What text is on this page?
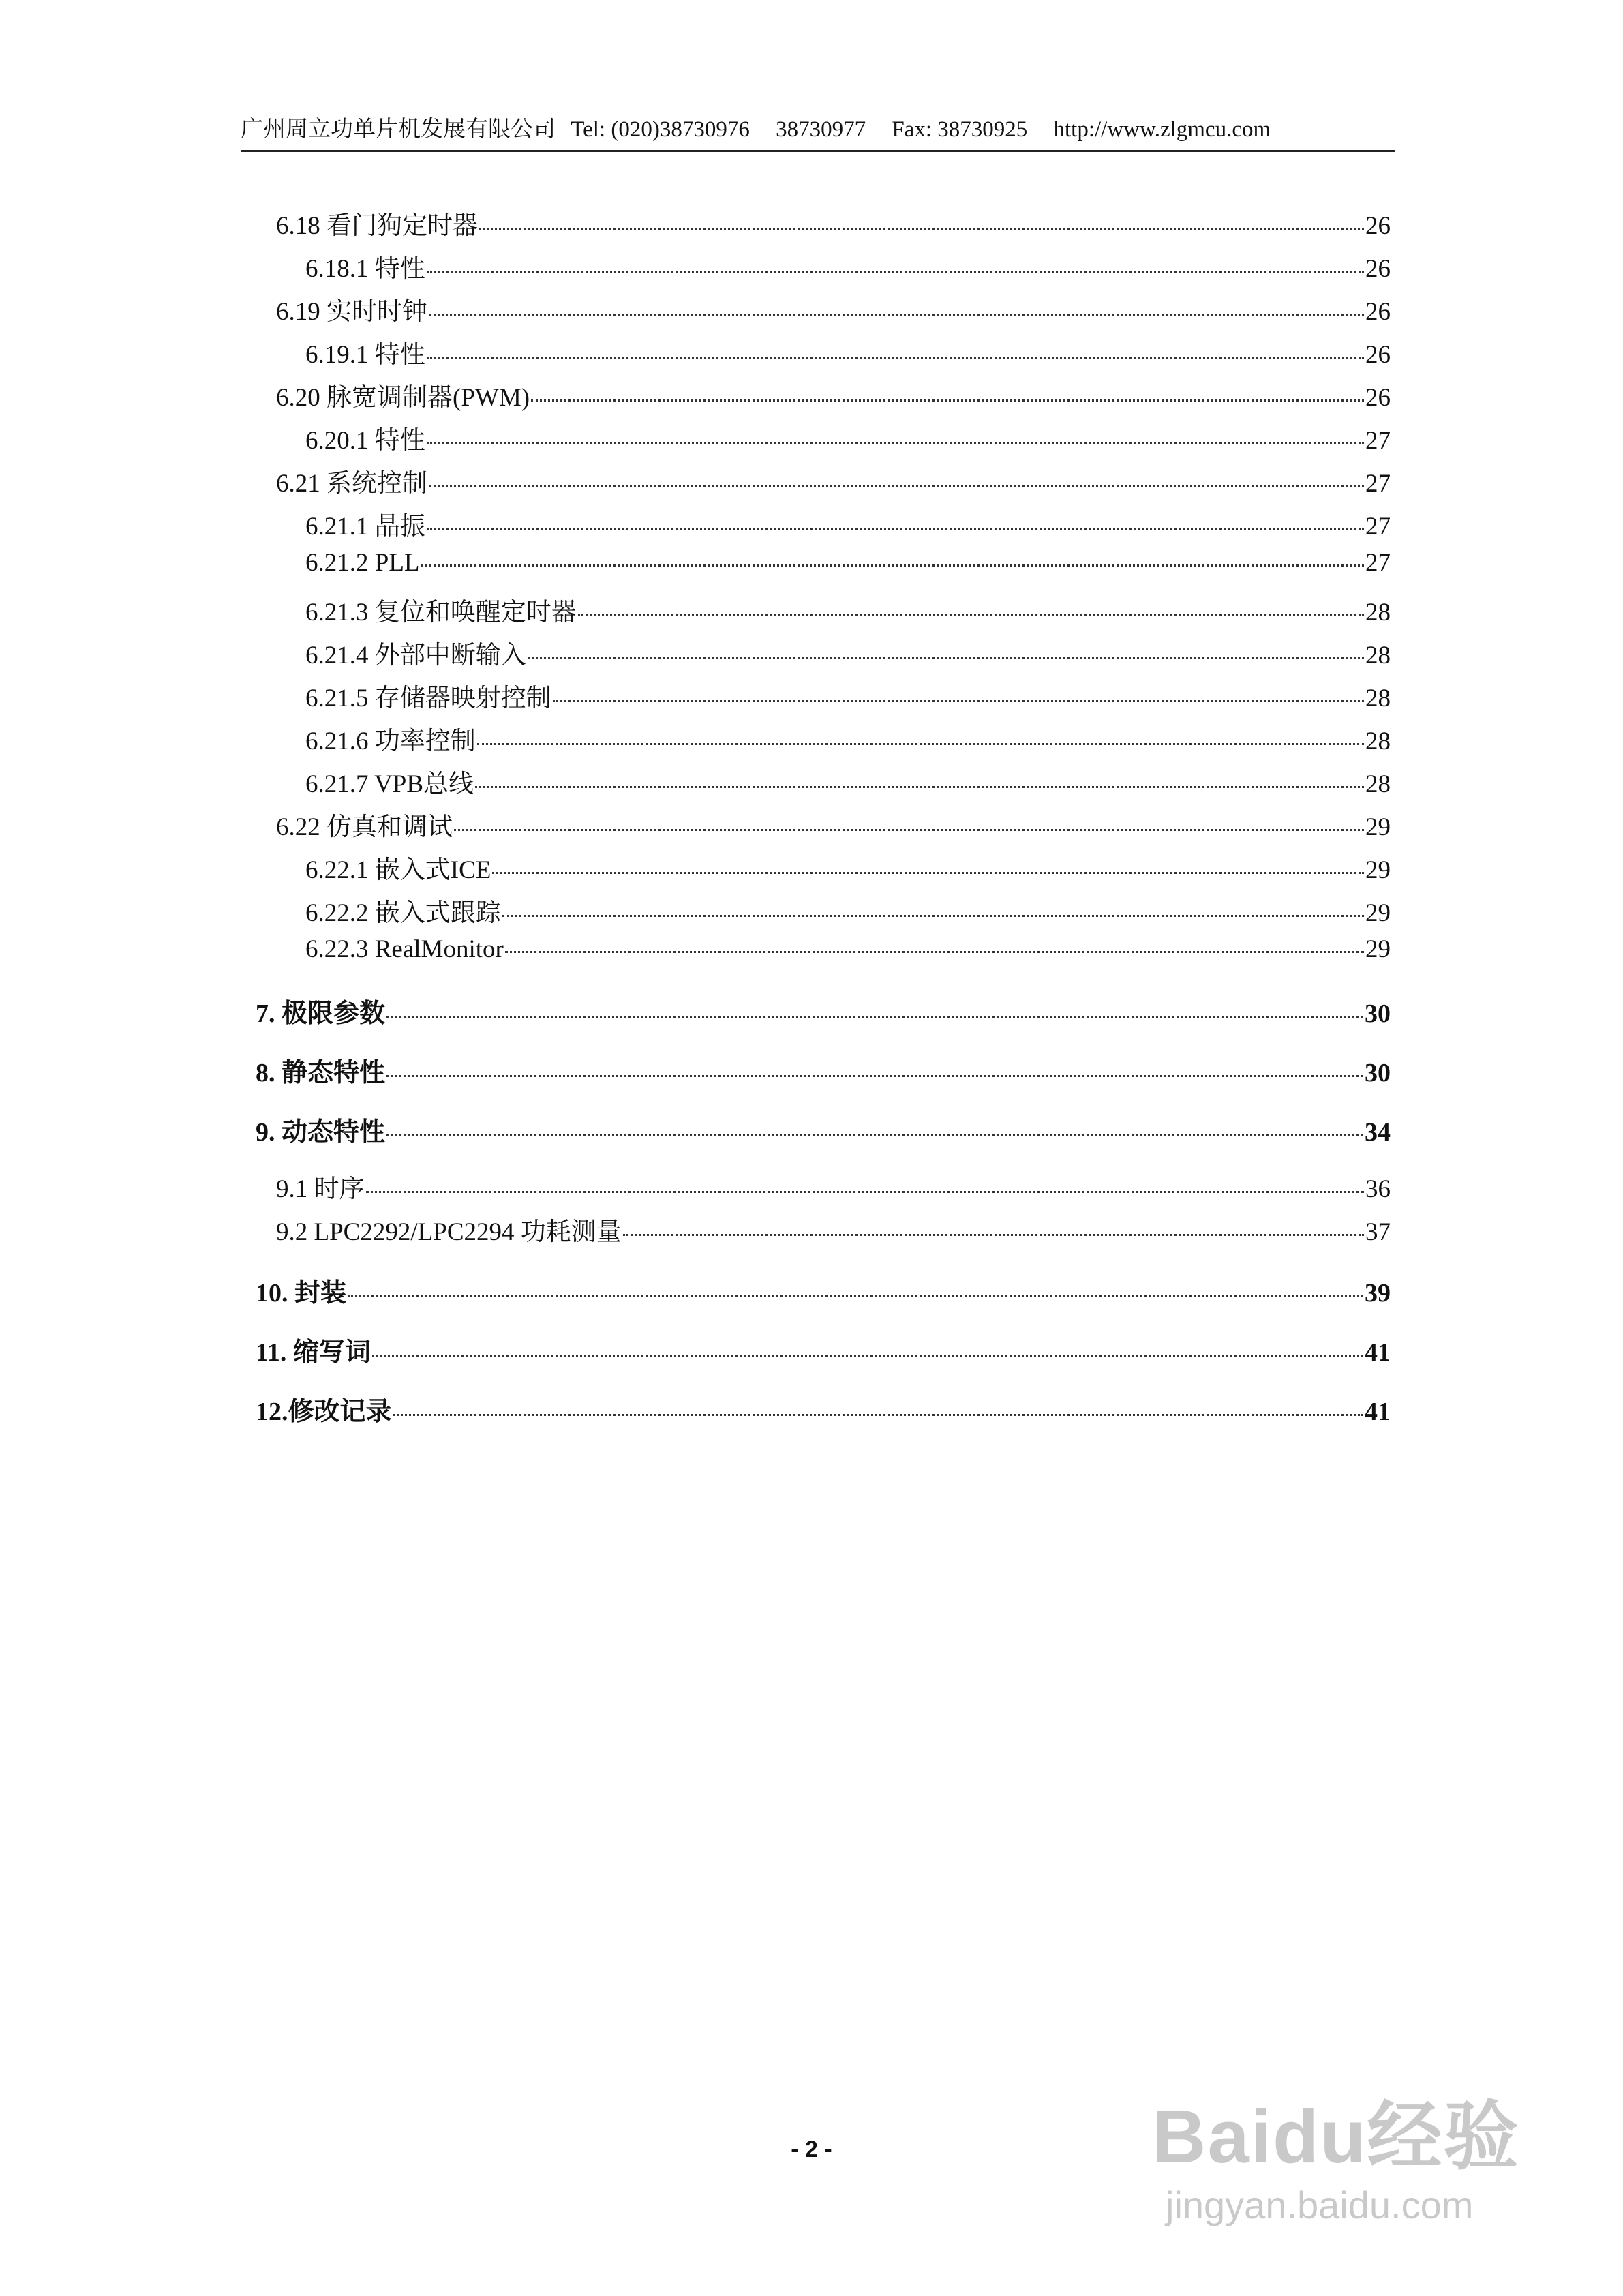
广州周立功单片机发展有限公司 Tel: (020)38730976 38730977 Fax: 38730925 http://www.zlgmcu.com
6.18 看门狗定时器	26
6.18.1 特性	26
6.19 实时时钟	26
6.19.1 特性	26
6.20 脉宽调制器(PWM)	26
6.20.1 特性	27
6.21 系统控制	27
6.21.1 晶振	27
6.21.2 PLL	27
6.21.3 复位和唤醒定时器	28
6.21.4 外部中断输入	28
6.21.5 存储器映射控制	28
6.21.6 功率控制	28
6.21.7 VPB总线	28
6.22 仿真和调试	29
6.22.1 嵌入式ICE	29
6.22.2 嵌入式跟踪	29
6.22.3 RealMonitor	29
7. 极限参数	30
8. 静态特性	30
9. 动态特性	34
9.1 时序	36
9.2 LPC2292/LPC2294 功耗测量	37
10. 封装	39
11. 缩写词	41
12.修改记录	41
- 2 -	Baidu经验
jingyan.baidu.com
